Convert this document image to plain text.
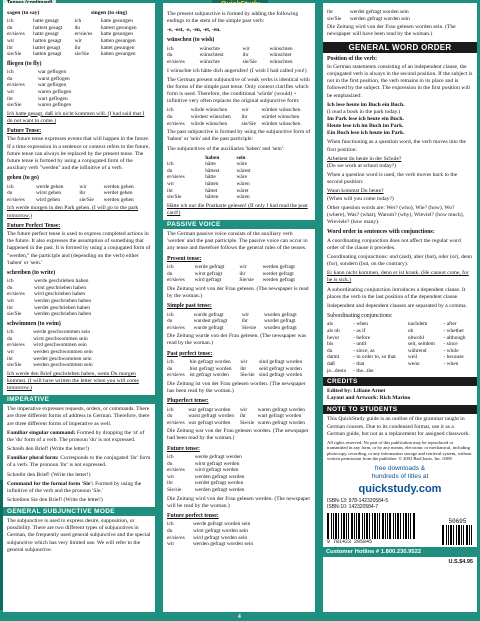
sagen (to say)	singen (to sing)
ich	hatte gesagt	ich	hatte gesungen
du	hattest gesagt	du	hattest gesungen
er/sie/es	hatte gesagt	er/sie/es	hatte gesungen
wir	hatten gesagt	wir	hatten gesungen
ihr	hattet gesagt	ihr	hattet gesungen
sie/Sie	hatten gesagt	sie/Sie	hatten gesungen
fliegen (to fly)
ich	war geflogen
du	warst geflogen
er/sie/es	war geflogen
wir	waren geflogen
ihr	wart geflogen
sie/Sie	waren geflogen

Ich hatte gesagt, daß ich nicht kommen will. (I had said that I do not want to come.)

Future Tense:

The future tense expresses events that will happen in the future. If a time expression in a sentence or context refers to the future, future tense can always be replaced by the present tense. The future tense is formed by using a conjugated form of the auxiliary verb "werden" and the infinitive of a verb.

gehen (to go)
ich	werde gehen	wir	werden gehen
du	wirst gehen	ihr	werdet gehen
er/sie/es	wird gehen	sie/Sie	werden gehen

Ich werde morgen in den Park gehen. (I will go to the park tomorrow.)

Future Perfect Tense:

The future perfect tense is used to express completed actions in the future. It also expresses the assumption of something that happened in the past. It is formed by using a conjugated form of "werden," the participle and (depending on the verb) either 'haben' or 'sein.'

schreiben (to write)
ich	werde geschrieben haben
du	wirst geschrieben haben
er/sie/es	wird geschrieben haben
wir	werden geschrieben haben
ihr	werdet geschrieben haben
sie/Sie	werden geschrieben haben
schwimmen (to swim)
ich	werde geschwommen sein
du	wirst geschwommen sein
er/sie/es	wird geschwommen sein
wir	werden geschwommen sein
ihr	werdet geschwommen sein
sie/Sie	werden geschwommen sein

Ich werde den Brief geschrieben haben, wenn Du morgen kommst. (I will have written the letter when you will come tomorrow.)

IMPERATIVE

The imperative expresses requests, orders, or commands. There are three different forms of address in German. Therefore, there are three different forms of imperative as well.

Familiar singular command: Formed by dropping the 'st' of the 'du' form of a verb. The pronoun 'du' is not expressed.

Schreib den Brief! (Write the letter!)

Familiar plural form: Corresponds to the conjugated 'ihr' form of a verb. The pronoun 'ihr' is not expressed.

Schreibt den Brief! (Write the letter!)

Command for the formal form 'Sie': Formed by using the infinitive of the verb and the pronoun 'Sie.'

Schreiben Sie den Brief! (Write the letter!)

GENERAL SUBJUNCTIVE MODE

The subjunctive is used to express desire, supposition, or possibility. There are two different types of subjunctives in German, the frequently used general subjunctive and the special subjunctive which has very limited use. We will refer to the general subjunctive.

The present subjunctive is formed by adding the following endings to the stem of the simple past verb:

-e, -est, -e, -en, -et, -en.

wünschen (to wish)
ich	wünschte	wir	wünschten
du	wünschtest	ihr	wünschtet
er/sie/es	wünschte	sie/Sie	wünschten

I wünschte ich hätte dich angerufen! (I wish I had called you!)

The German present subjunctive of weak verbs is identical with the forms of the simple past tense. Only context clarifies which form is used. Therefore, the conditional 'würde' (would) + infinitive very often replaces the original subjunctive form:

ich	würde wünschen	wir	würden wünschen
du	würdest wünschen	ihr	würdet wünschen
er/sie/es	würde wünschen	sie/Sie	würden wünschen

The past subjunctive is formed by using the subjunctive form of 'haben' or 'sein' and the past participle:

The subjunctives of the auxiliaries 'haben' and 'sein':

	haben	sein
ich	hätte	wäre
du	hättest	wärest
er/sie/es	hätte	wäre
wir	hätten	wären
ihr	hättet	wäret
sie/Sie	hätten	wären

Hätte ich nur die Postkarte gelesen! (If only I had read the post card!)

PASSIVE VOICE

The German passive voice consists of the auxiliary verb 'werden' and the past participle. The passive voice can occur in any tense and therefore follows the general rules of the tenses.

Present tense:
ich	werde gefragt	wir	werden gefragt
du	wirst gefragt	ihr	werdet gefragt
er/sie/es	wird gefragt	Sie/sie	werden gefragt

Die Zeitung wird von der Frau gelesen. (The newspaper is read by the woman.)

Simple past tense:
ich	wurde gefragt	wir	wurden gefragt
du	wurdest gefragt	ihr	wurdet gefragt
er/sie/es	wurde gefragt	Sie/sie	wurden gefragt

Die Zeitung wurde von der Frau gelesen. (The newspaper was read by the woman.)

Past perfect tense:
ich	bin gefragt worden	wir	sind gefragt worden
du	bist gefragt worden	ihr	seid gefragt worden
er/sie/es	ist gefragt worden	Sie/sie	sind gefragt worden

Die Zeitung ist von der Frau gelesen worden. (The newspaper has been read by the woman.)

Pluperfect tense:
ich	war gefragt worden	wir	waren gefragt worden
du	warst gefragt worden	ihr	wart gefragt worden
er/sie/es	war gefragt worden	Sie/sie	waren gefragt worden

Die Zeitung war von der Frau gelesen worden. (The newspaper had been read by the woman.)

Future tense:
ich	werde gefragt werden
du	wirst gefragt werden
er/sie/es	wird gefragt werden

wir	werden gefragt werden
ihr	werdet gefragt werden
Sie/sie	werden gefragt werden

Die Zeitung wird von der Frau gelesen werden. (The newspaper will be read by the woman.)

Future perfect tense:
ich	werde gefragt worden sein
du	wirst gefragt worden sein
er/sie/es	wird gefragt worden sein
wir	werden gefragt worden sein
ihr	werdet gefragt worden sein
sie/Sie	werden gefragt worden sein

Die Zeitung wird von der Frau gelesen worden sein. (The newspaper will have been read by the woman.)

GENERAL WORD ORDER
Position of the verb:

In German statements consisting of an independent clause, the conjugated verb is always in the second position. If the subject is not in the first position, the verb remains in its place and is followed by the subject. The expression in the first position will be emphasized:

Ich lese heute im Buch ein Buch.
(I read a book in the park today.)
Im Park lese ich heute ein Buch.
Heute lese ich im Buch im Park.
Ein Buch lese ich heute im Park.

When functioning as a question word, the verb moves into the first position:

Arbeitest du heute in der Schule?

(Do we work at school today?)

When a question word is used, the verb moves back to the second position:

Wann kommst Du heute?

(When will you come today?)

Other question words are: Wer? (who), Wie? (how), Wo? (where), Was? (what), Warum? (why), Wieviel? (how much), Wieviele? (how many).

Word order in sentences with conjunctions:

A coordinating conjunction does not affect the regular word order of the clause it precedes.

Coordinating conjunctions: und (and), aber (but), oder (or), denn (for), sondern (but, on the contrary).

Er kann nicht kommen, denn er ist krank. (He cannot come, for he is sick.)

A subordinating conjunction introduces a dependent clause. It places the verb in the last position of the dependent clause.

Independent and dependent clauses are separated by a comma.

Subordinating conjunctions:
als	- when	nachdem	- after
als ob	- as if	ob	- whether
bevor	- before	obwohl	- although
bis	- until	seit, seitdem	- since
da	- since, as	während	- while
damit	- in order to, so that	weil	- because
daß	- that	wenn	- when
je...desto	- the...the		
CREDITS
Edited by: Liliane Arnet
Layout and Artwork: Rich Marino
NOTE TO STUDENTS

This QuickStudy guide is an outline of the grammar taught in German courses. Due to its condensed format, use it as a German guide, but not as a replacement for assigned classwork.

All rights reserved. No part of this publication may be reproduced or transmitted in any form, or by any means, electronic or mechanical, including photocopy, recording, or any information storage and retrieval system, without written permission from the publisher. © 2002 BarCharts, Inc. 0308

free downloads &
hundreds of titles at
quickstudy.com
ISBN-13: 978-142320584-5
ISBN-10: 142320584-7
9 781423 205845
50695
Customer Hotline # 1.800.230.9522
U.S.$4.95
4
